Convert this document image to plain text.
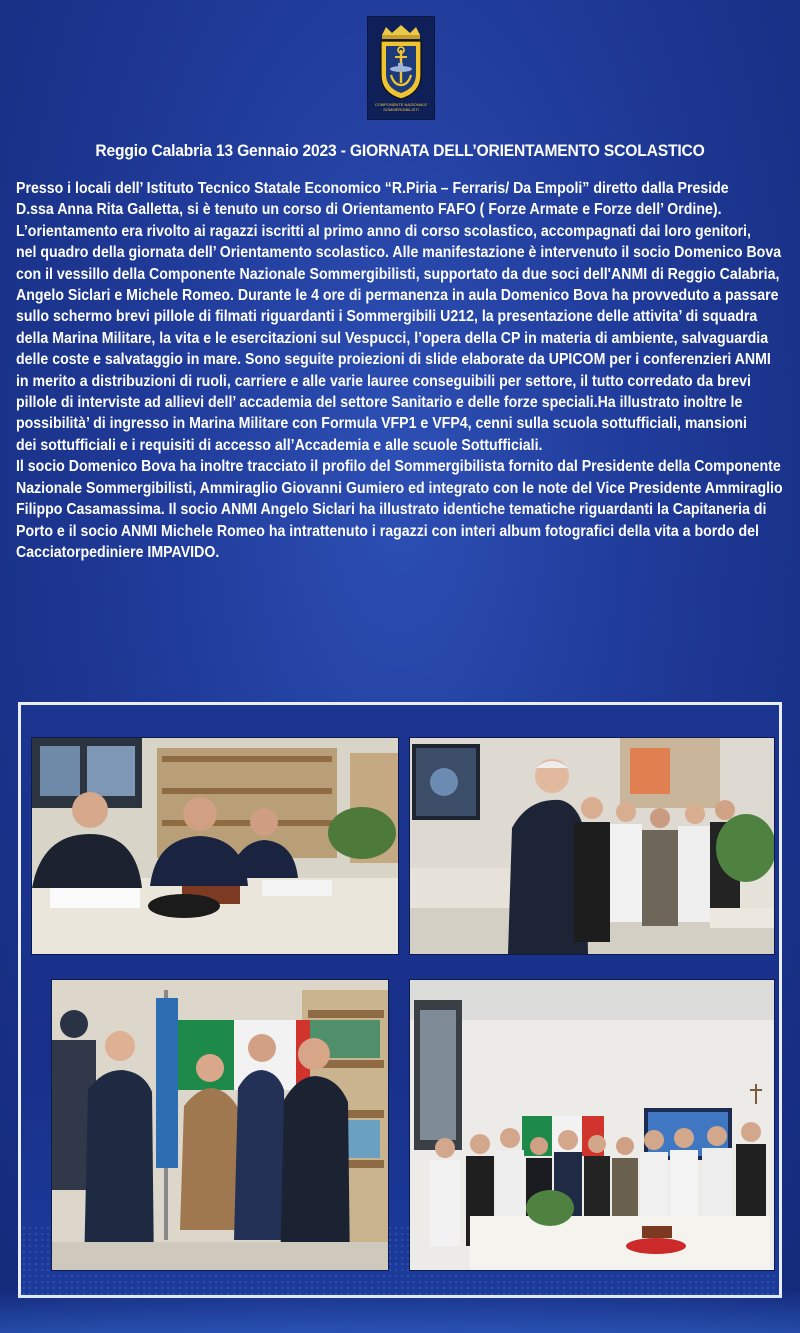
COMPONENTE NAZIONALE SOMMERGIBILISTI
Reggio Calabria 13 Gennaio 2023 - GIORNATA DELL’ORIENTAMENTO SCOLASTICO

Presso i locali dell’ Istituto Tecnico Statale Economico “R.Piria – Ferraris/ Da Empoli” diretto dalla Preside

D.ssa Anna Rita Galletta, si è tenuto un corso di Orientamento FAFO ( Forze Armate e Forze dell’ Ordine).

L’orientamento era rivolto ai ragazzi iscritti al primo anno di corso scolastico, accompagnati dai loro genitori,

nel quadro della giornata dell’ Orientamento scolastico. Alle manifestazione è intervenuto il socio Domenico Bova

con il vessillo della Componente Nazionale Sommergibilisti, supportato da due soci dell'ANMI di Reggio Calabria,

Angelo Siclari e Michele Romeo. Durante le 4 ore di permanenza in aula Domenico Bova ha provveduto a passare

sullo schermo brevi pillole di filmati riguardanti i Sommergibili U212, la presentazione delle attivita’ di squadra

della Marina Militare, la vita e le esercitazioni sul Vespucci, l’opera della CP in materia di ambiente, salvaguardia

delle coste e salvataggio in mare. Sono seguite proiezioni di slide elaborate da UPICOM per i conferenzieri ANMI

in merito a distribuzioni di ruoli, carriere e alle varie lauree conseguibili per settore, il tutto corredato da brevi

pillole di interviste ad allievi dell’ accademia del settore Sanitario e delle forze speciali.Ha illustrato inoltre le

possibilità’ di ingresso in Marina Militare con Formula VFP1 e VFP4, cenni sulla scuola sottufficiali, mansioni

dei sottufficiali e i requisiti di accesso all’Accademia e alle scuole Sottufficiali.

Il socio Domenico Bova ha inoltre tracciato il profilo del Sommergibilista fornito dal Presidente della Componente

Nazionale Sommergibilisti, Ammiraglio Giovanni Gumiero ed integrato con le note del Vice Presidente Ammiraglio

Filippo Casamassima. Il socio ANMI Angelo Siclari ha illustrato identiche tematiche riguardanti la Capitaneria di

Porto e il socio ANMI Michele Romeo ha intrattenuto i ragazzi con interi album fotografici della vita a bordo del

Cacciatorpediniere IMPAVIDO.
